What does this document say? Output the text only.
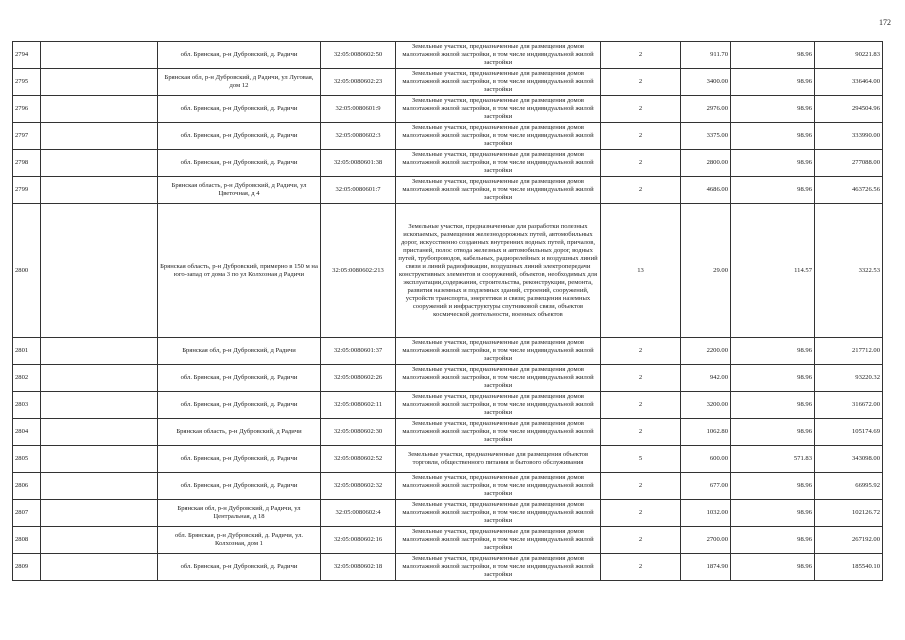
172
2794		обл. Брянская, р-н Дубровский, д. Радичи	32:05:0080602:50	Земельные участки, предназначенные для размещения домов малоэтажной жилой застройки, в том числе индивидуальной жилой застройки	2	911.70	98.96	90221.83
2795		Брянская обл, р-н Дубровский, д Радичи, ул Луговая, дом 12	32:05:0080602:23	Земельные участки, предназначенные для размещения домов малоэтажной жилой застройки, в том числе индивидуальной жилой застройки	2	3400.00	98.96	336464.00
2796		обл. Брянская, р-н Дубровский, д. Радичи	32:05:0080601:9	Земельные участки, предназначенные для размещения домов малоэтажной жилой застройки, в том числе индивидуальной жилой застройки	2	2976.00	98.96	294504.96
2797		обл. Брянская, р-н Дубровский, д. Радичи	32:05:0080602:3	Земельные участки, предназначенные для размещения домов малоэтажной жилой застройки, в том числе индивидуальной жилой застройки	2	3375.00	98.96	333990.00
2798		обл. Брянская, р-н Дубровский, д. Радичи	32:05:0080601:38	Земельные участки, предназначенные для размещения домов малоэтажной жилой застройки, в том числе индивидуальной жилой застройки	2	2800.00	98.96	277088.00
2799		Брянская область, р-н Дубровский, д Радичи, ул Цветочная, д 4	32:05:0080601:7	Земельные участки, предназначенные для размещения домов малоэтажной жилой застройки, в том числе индивидуальной жилой застройки	2	4686.00	98.96	463726.56
2800		Брянская область, р-н Дубровский, примерно в 150 м на юго-запад от дома 3 по ул Колхозная д Радичи	32:05:0080602:213	Земельные участки, предназначенные для разработки полезных ископаемых, размещения железнодорожных путей, автомобильных дорог, искусственно созданных внутренних водных путей, причалов, пристаней, полос отвода железных и автомобильных дорог, водных путей, трубопроводов, кабельных, радиорелейных и воздушных линий связи и линий радиофикации, воздушных линий электропередачи конструктивных элементов и сооружений, объектов, необходимых для эксплуатации,содержания, строительства, реконструкции, ремонта, развития наземных и подземных зданий, строений, сооружений, устройств транспорта, энергетики и связи; размещения наземных сооружений и инфраструктуры спутниковой связи, объектов космической деятельности, военных объектов	13	29.00	114.57	3322.53
2801		Брянская обл, р-н Дубровский, д Радичи	32:05:0080601:37	Земельные участки, предназначенные для размещения домов малоэтажной жилой застройки, в том числе индивидуальной жилой застройки	2	2200.00	98.96	217712.00
2802		обл. Брянская, р-н Дубровский, д. Радичи	32:05:0080602:26	Земельные участки, предназначенные для размещения домов малоэтажной жилой застройки, в том числе индивидуальной жилой застройки	2	942.00	98.96	93220.32
2803		обл. Брянская, р-н Дубровский, д. Радичи	32:05:0080602:11	Земельные участки, предназначенные для размещения домов малоэтажной жилой застройки, в том числе индивидуальной жилой застройки	2	3200.00	98.96	316672.00
2804		Брянская область, р-н Дубровский, д Радичи	32:05:0080602:30	Земельные участки, предназначенные для размещения домов малоэтажной жилой застройки, в том числе индивидуальной жилой застройки	2	1062.80	98.96	105174.69
2805		обл. Брянская, р-н Дубровский, д. Радичи	32:05:0080602:52	Земельные участки, предназначенные для размещения объектов торговли, общественного питания и бытового обслуживания	5	600.00	571.83	343098.00
2806		обл. Брянская, р-н Дубровский, д. Радичи	32:05:0080602:32	Земельные участки, предназначенные для размещения домов малоэтажной жилой застройки, в том числе индивидуальной жилой застройки	2	677.00	98.96	66995.92
2807		Брянская обл, р-н Дубровский, д Радичи, ул Центральная, д 18	32:05:0080602:4	Земельные участки, предназначенные для размещения домов малоэтажной жилой застройки, в том числе индивидуальной жилой застройки	2	1032.00	98.96	102126.72
2808		обл. Брянская, р-н Дубровский, д. Радичи, ул. Колхозная, дом 1	32:05:0080602:16	Земельные участки, предназначенные для размещения домов малоэтажной жилой застройки, в том числе индивидуальной жилой застройки	2	2700.00	98.96	267192.00
2809		обл. Брянская, р-н Дубровский, д. Радичи	32:05:0080602:18	Земельные участки, предназначенные для размещения домов малоэтажной жилой застройки, в том числе индивидуальной жилой застройки	2	1874.90	98.96	185540.10
